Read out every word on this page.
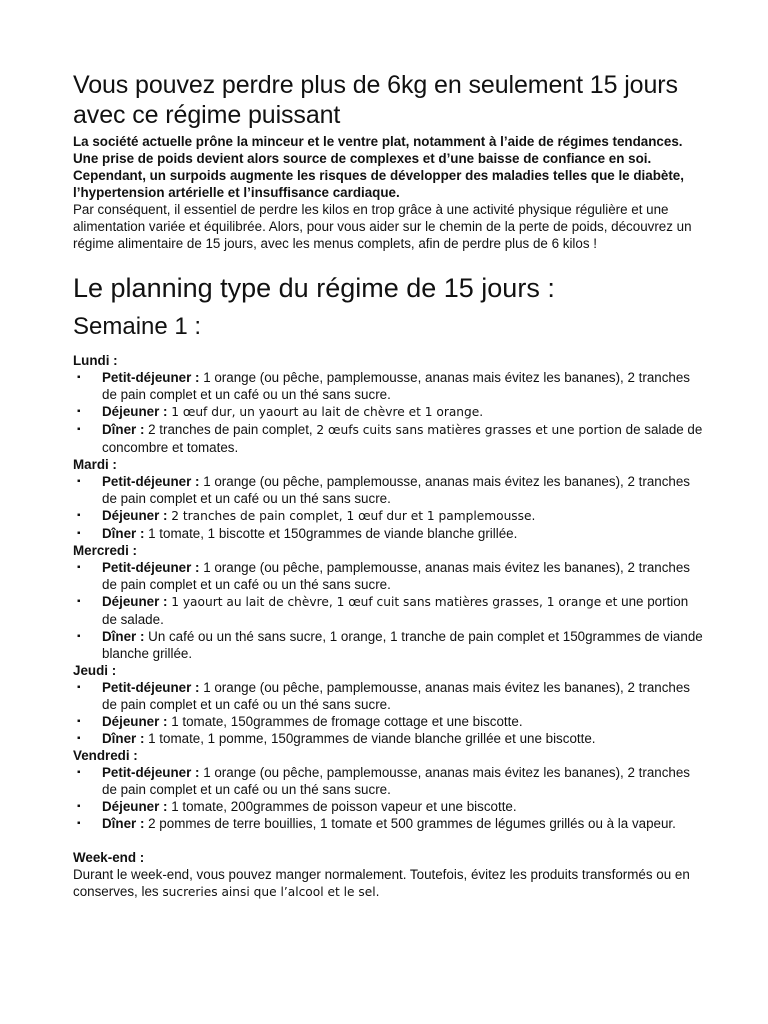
Vous pouvez perdre plus de 6kg en seulement 15 jours avec ce régime puissant

La société actuelle prône la minceur et le ventre plat, notamment à l’aide de régimes tendances. Une prise de poids devient alors source de complexes et d’une baisse de confiance en soi. Cependant, un surpoids augmente les risques de développer des maladies telles que le diabète, l’hypertension artérielle et l’insuffisance cardiaque.

Par conséquent, il essentiel de perdre les kilos en trop grâce à une activité physique régulière et une alimentation variée et équilibrée. Alors, pour vous aider sur le chemin de la perte de poids, découvrez un régime alimentaire de 15 jours, avec les menus complets, afin de perdre plus de 6 kilos !

Le planning type du régime de 15 jours :
Semaine 1 :

Lundi :

▪ Petit-déjeuner : 1 orange (ou pêche, pamplemousse, ananas mais évitez les bananes), 2 tranches de pain complet et un café ou un thé sans sucre.
▪ Déjeuner : 1 œuf dur, un yaourt au lait de chèvre et 1 orange.
▪ Dîner : 2 tranches de pain complet, 2 œufs cuits sans matières grasses et une portion de salade de concombre et tomates.

Mardi :

▪ Petit-déjeuner : 1 orange (ou pêche, pamplemousse, ananas mais évitez les bananes), 2 tranches de pain complet et un café ou un thé sans sucre.
▪ Déjeuner : 2 tranches de pain complet, 1 œuf dur et 1 pamplemousse.
▪ Dîner : 1 tomate, 1 biscotte et 150grammes de viande blanche grillée.

Mercredi :

▪ Petit-déjeuner : 1 orange (ou pêche, pamplemousse, ananas mais évitez les bananes), 2 tranches de pain complet et un café ou un thé sans sucre.
▪ Déjeuner : 1 yaourt au lait de chèvre, 1 œuf cuit sans matières grasses, 1 orange et une portion de salade.
▪ Dîner : Un café ou un thé sans sucre, 1 orange, 1 tranche de pain complet et 150grammes de viande blanche grillée.

Jeudi :

▪ Petit-déjeuner : 1 orange (ou pêche, pamplemousse, ananas mais évitez les bananes), 2 tranches de pain complet et un café ou un thé sans sucre.
▪ Déjeuner : 1 tomate, 150grammes de fromage cottage et une biscotte.
▪ Dîner : 1 tomate, 1 pomme, 150grammes de viande blanche grillée et une biscotte.

Vendredi :

▪ Petit-déjeuner : 1 orange (ou pêche, pamplemousse, ananas mais évitez les bananes), 2 tranches de pain complet et un café ou un thé sans sucre.
▪ Déjeuner : 1 tomate, 200grammes de poisson vapeur et une biscotte.
▪ Dîner : 2 pommes de terre bouillies, 1 tomate et 500 grammes de légumes grillés ou à la vapeur.

Week-end :

Durant le week-end, vous pouvez manger normalement. Toutefois, évitez les produits transformés ou en conserves, les sucreries ainsi que l’alcool et le sel.
